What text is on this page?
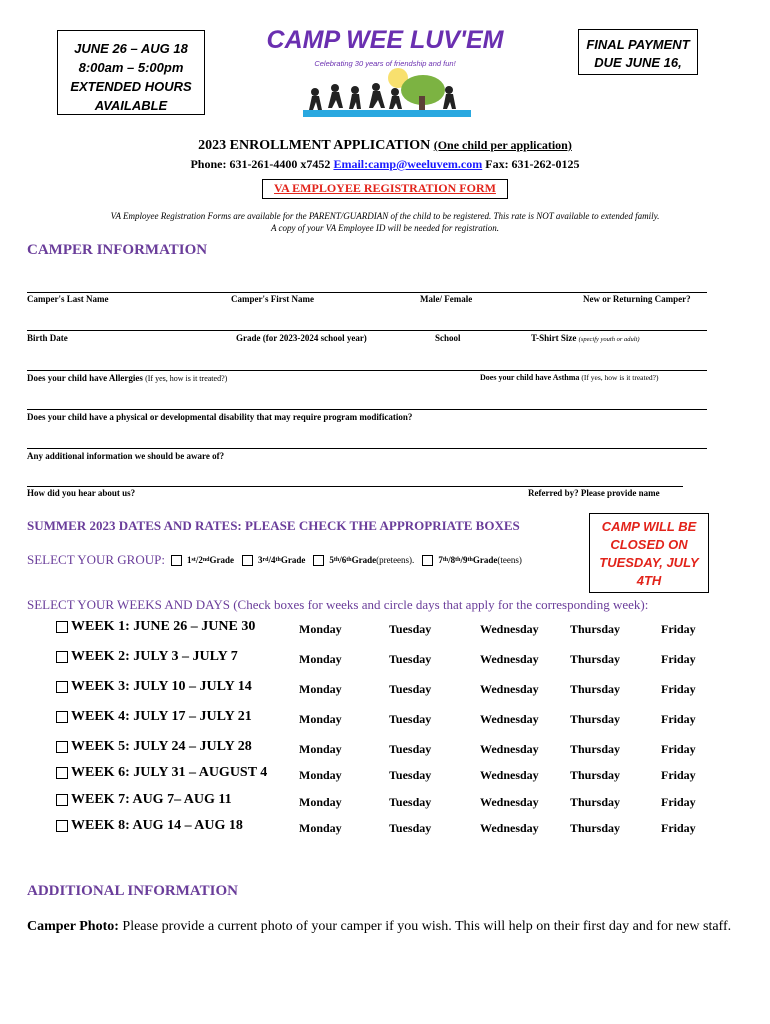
JUNE 26 – AUG 18
8:00am – 5:00pm
EXTENDED HOURS
AVAILABLE
FINAL PAYMENT
DUE JUNE 16,
CAMP WEE LUV'EM
Celebrating 30 years of friendship and fun!
2023 ENROLLMENT APPLICATION (One child per application)
Phone: 631-261-4400 x7452 Email:camp@weeluvem.com Fax: 631-262-0125
VA EMPLOYEE REGISTRATION FORM
VA Employee Registration Forms are available for the PARENT/GUARDIAN of the child to be registered. This rate is NOT available to extended family.
A copy of your VA Employee ID will be needed for registration.
CAMPER INFORMATION
Camper's Last Name	Camper's First Name	Male/ Female	New or Returning Camper?
Birth Date	Grade (for 2023-2024 school year)	School	T-Shirt Size (specify youth or adult)
Does your child have Allergies (If yes, how is it treated?)	Does your child have Asthma (If yes, how is it treated?)
Does your child have a physical or developmental disability that may require program modification?
Any additional information we should be aware of?
How did you hear about us?	Referred by? Please provide name
SUMMER 2023 DATES AND RATES: PLEASE CHECK THE APPROPRIATE BOXES	CAMP WILL BE
CLOSED ON
TUESDAY, JULY
4TH
SELECT YOUR GROUP: 1 st /2 nd Grade	3 rd /4 th Grade	5 th /6 th Grade (preteens).	7 th /8 th /9 th Grade (teens)
SELECT YOUR WEEKS AND DAYS (Check boxes for weeks and circle days that apply for the corresponding week):
WEEK 1: JUNE 26 – JUNE 30	Monday	Tuesday	Wednesday	Thursday	Friday
WEEK 2: JULY 3 – JULY 7	Monday	Tuesday	Wednesday	Thursday	Friday
WEEK 3: JULY 10 – JULY 14	Monday	Tuesday	Wednesday	Thursday	Friday
WEEK 4: JULY 17 – JULY 21	Monday	Tuesday	Wednesday	Thursday	Friday
WEEK 5: JULY 24 – JULY 28	Monday	Tuesday	Wednesday	Thursday	Friday
WEEK 6: JULY 31 – AUGUST 4	Monday	Tuesday	Wednesday	Thursday	Friday
WEEK 7: AUG 7– AUG 11	Monday	Tuesday	Wednesday	Thursday	Friday
WEEK 8: AUG 14 – AUG 18	Monday	Tuesday	Wednesday	Thursday	Friday
ADDITIONAL INFORMATION
Camper Photo: Please provide a current photo of your camper if you wish. This will help on their first day and for new staff.
